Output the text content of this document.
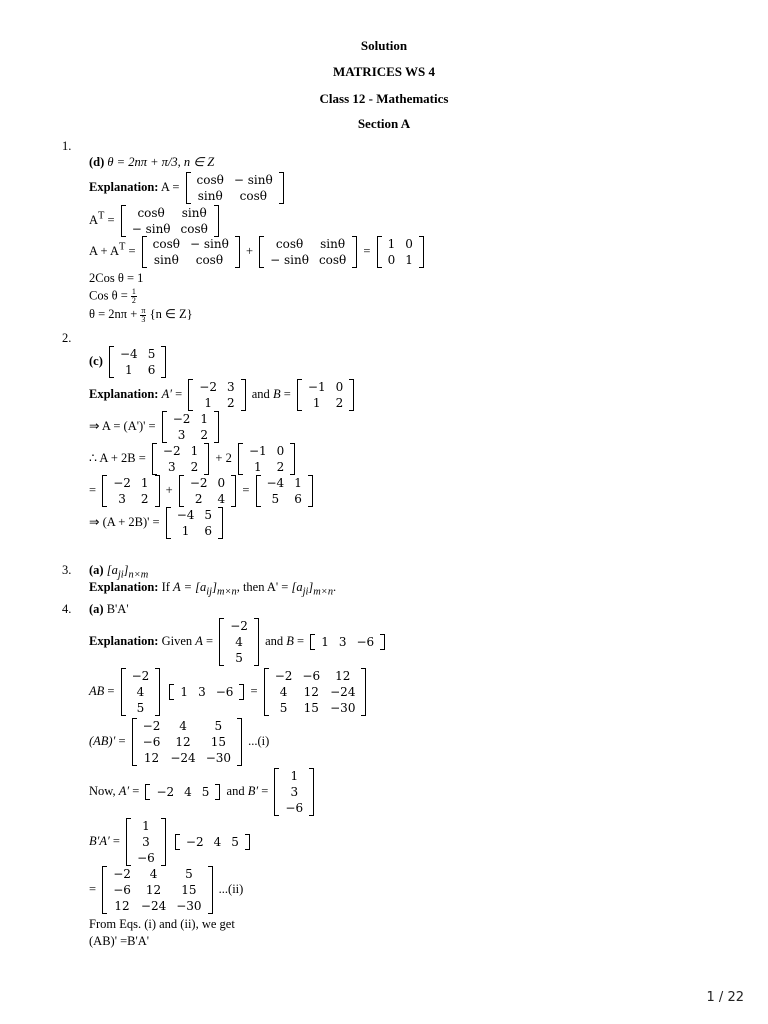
Solution
MATRICES WS 4
Class 12 - Mathematics
Section A
1.
(d) θ = 2nπ + π/3, n ∈ Z
Explanation: A = cosθ	− sinθ
sinθ	cosθ
$A^T = \cos\theta$	sinθ
− sinθ	cosθ
$A + A^T = \cos\theta$	− sinθ
sinθ	cosθ
+ cosθ	sinθ
− sinθ	cosθ
= 1	0
0	1
2Cos θ = 1
Cos $\theta = \frac{1}{2}$
$\theta = 2n\pi + \frac{\pi}{3} \{n$ ∈ Z}
2.
(c) −4	5
1	6
Explanation: A′ = −2	3
1	2
and B = −1	0
1	2
⇒ A = (A')' = −2	1
3	2
∴ A + 2B = −2	1
3	2
+ 2 −1	0
1	2
= −2	1
3	2
+ −2	0
2	4
= −4	1
5	6
⇒ (A + 2B)' = −4	5
1	6
3. (a) $[a_{ji}]_{n\times m}$
Explanation: If $A = [a_{ij}]_{m\times n}$, then $A' = [a_{ji}]_{m\times n}$.
4. (a) B'A'
Explanation: Given A =
−2
4
5
and B = 1	3	−6
AB =
−2
4
5

1	3	−6 =
−2	−6	12
4	12	−24
5	15	−30
(AB)′ =
−2	4	5
−6	12	15
12	−24	−30
...(i)
Now, A′ = −2	4	5 and B′ =
1
3
−6
B′A′ =
1
3
−6

−2	4	5
=
−2	4	5
−6	12	15
12	−24	−30
...(ii)
From Eqs. (i) and (ii), we get
(AB)' =B'A'
1 / 22
